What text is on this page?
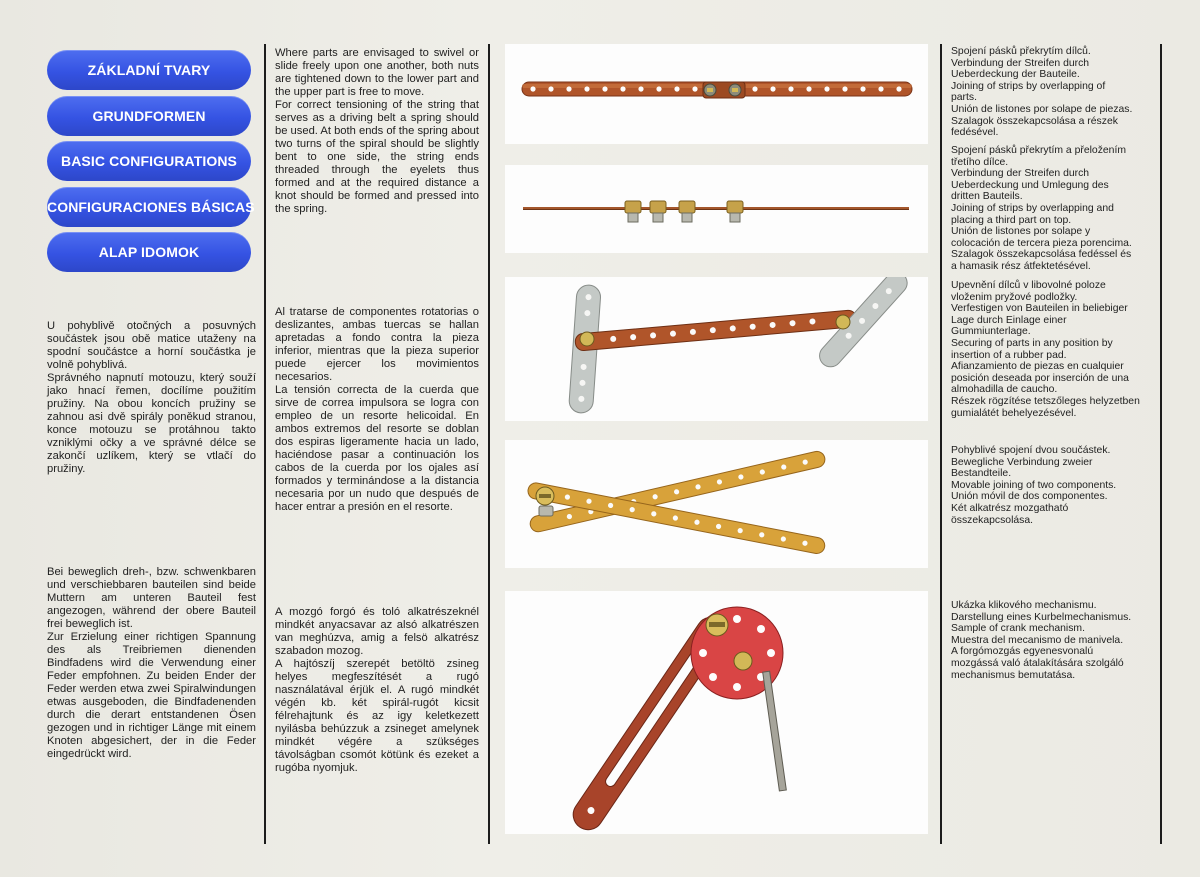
ZÁKLADNÍ TVARY
GRUNDFORMEN
BASIC CONFIGURATIONS
CONFIGURACIONES BÁSICAS
ALAP IDOMOK
U pohyblivě otočných a posuvných součástek jsou obě matice utaženy na spodní součástce a horní součástka je volně pohyblivá.
Správného napnutí motouzu, který souží jako hnací řemen, docílíme použitím pružiny. Na obou koncích pružiny se zahnou asi dvě spirály poněkud stranou, konce motouzu se protáhnou takto vzniklými očky a ve správné délce se zakončí uzlíkem, který se vtlačí do pružiny.
Bei beweglich dreh-, bzw. schwenkbaren und verschiebbaren bauteilen sind beide Muttern am unteren Bauteil fest angezogen, während der obere Bauteil frei beweglich ist.
Zur Erzielung einer richtigen Spannung des als Treibriemen dienenden Bindfadens wird die Verwendung einer Feder empfohnen. Zu beiden Ender der Feder werden etwa zwei Spiralwindungen etwas ausgeboden, die Bindfadenenden durch die derart entstandenen Ösen gezogen und in richtiger Länge mit einem Knoten abgesichert, der in die Feder eingedrückt wird.
Where parts are envisaged to swivel or slide freely upon one another, both nuts are tightened down to the lower part and the upper part is free to move.
For correct tensioning of the string that serves as a driving belt a spring should be used. At both ends of the spring about two turns of the spiral should be slightly bent to one side, the string ends threaded through the eyelets thus formed and at the required distance a knot should be formed and pressed into the spring.
Al tratarse de componentes rotatorias o deslizantes, ambas tuercas se hallan apretadas a fondo contra la pieza inferior, mientras que la pieza superior puede ejercer los movimientos necesarios.
La tensión correcta de la cuerda que sirve de correa impulsora se logra con empleo de un resorte helicoidal. En ambos extremos del resorte se doblan dos espiras ligeramente hacia un lado, haciéndose pasar a continuación los cabos de la cuerda por los ojales así formados y terminándose a la distancia necesaria por un nudo que después de hacer entrar a presión en el resorte.
A mozgó forgó és toló alkatrészeknél mindkét anyacsavar az alsó alkatrészen van meghúzva, amig a felsö alkatrész szabadon mozog.
A hajtószíj szerepét betöltö zsineg helyes megfeszítését a rugó nasználatával érjük el. A rugó mindkét végén kb. két spirál-rugót kicsit félrehajtunk és az igy keletkezett nyilásba behúzzuk a zsineget amelynek mindkét végére a szükséges távolságban csomót kötünk és ezeket a rugóba nyomjuk.
Spojení pásků překrytím dílců.
Verbindung der Streifen durch
Ueberdeckung der Bauteile.
Joining of strips by overlapping of
parts.
Unión de listones por solape de piezas.
Szalagok összekapcsolása a részek
fedésével.
Spojení pásků překrytím a přeložením
třetího dílce.
Verbindung der Streifen durch
Ueberdeckung und Umlegung des
dritten Bauteils.
Joining of strips by overlapping and
placing a third part on top.
Unión de listones por solape y
colocación de tercera pieza porencima.
Szalagok összekapcsolása fedéssel és
a hamasik rész átfektetésével.
Upevnění dílců v libovolné poloze
vloženim pryžové podložky.
Verfestigen von Bauteilen in beliebiger
Lage durch Einlage einer
Gummiunterlage.
Securing of parts in any position by
insertion of a rubber pad.
Afianzamiento de piezas en cualquier
posición deseada por inserción de una
almohadilla de caucho.
Részek rögzítése tetszőleges helyzetben
gumialátét behelyezésével.
Pohyblivé spojení dvou součástek.
Bewegliche Verbindung zweier
Bestandteile.
Movable joining of two components.
Unión móvil de dos componentes.
Két alkatrész mozgatható
összekapcsolása.
Ukázka klikového mechanismu.
Darstellung eines Kurbelmechanismus.
Sample of crank mechanism.
Muestra del mecanismo de manivela.
A forgómozgás egyenesvonalú
mozgássá való átalakítására szolgáló
mechanismus bemutatása.
